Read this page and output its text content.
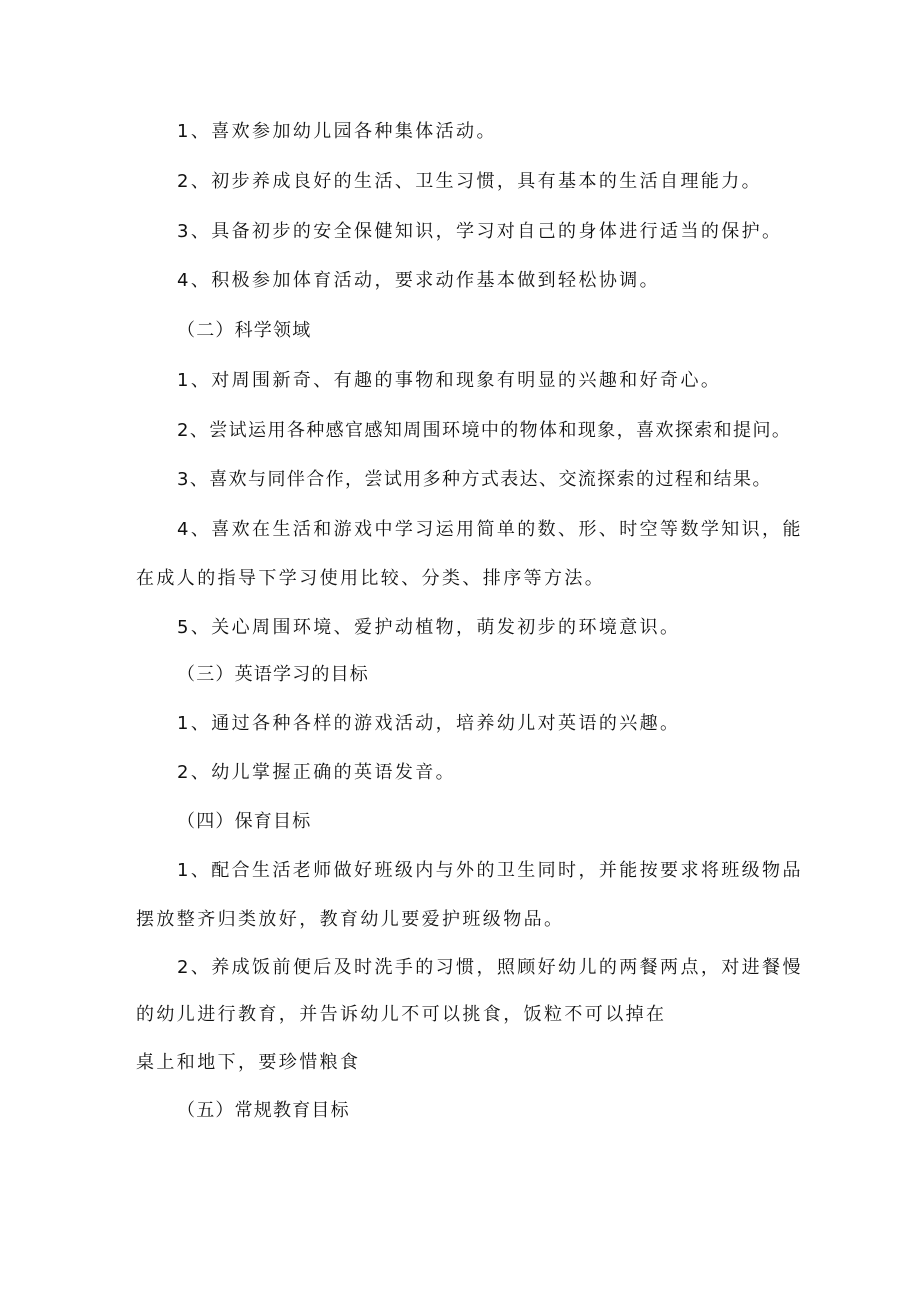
1、喜欢参加幼儿园各种集体活动。
2、初步养成良好的生活、卫生习惯，具有基本的生活自理能力。
3、具备初步的安全保健知识，学习对自己的身体进行适当的保护。
4、积极参加体育活动，要求动作基本做到轻松协调。
（二）科学领域
1、对周围新奇、有趣的事物和现象有明显的兴趣和好奇心。
2、尝试运用各种感官感知周围环境中的物体和现象，喜欢探索和提问。
3、喜欢与同伴合作，尝试用多种方式表达、交流探索的过程和结果。
4、喜欢在生活和游戏中学习运用简单的数、形、时空等数学知识，能
在成人的指导下学习使用比较、分类、排序等方法。
5、关心周围环境、爱护动植物，萌发初步的环境意识。
（三）英语学习的目标
1、通过各种各样的游戏活动，培养幼儿对英语的兴趣。
2、幼儿掌握正确的英语发音。
（四）保育目标
1、配合生活老师做好班级内与外的卫生同时，并能按要求将班级物品
摆放整齐归类放好，教育幼儿要爱护班级物品。
2、养成饭前便后及时洗手的习惯，照顾好幼儿的两餐两点，对进餐慢
的幼儿进行教育，并告诉幼儿不可以挑食，饭粒不可以掉在
桌上和地下，要珍惜粮食
（五）常规教育目标
